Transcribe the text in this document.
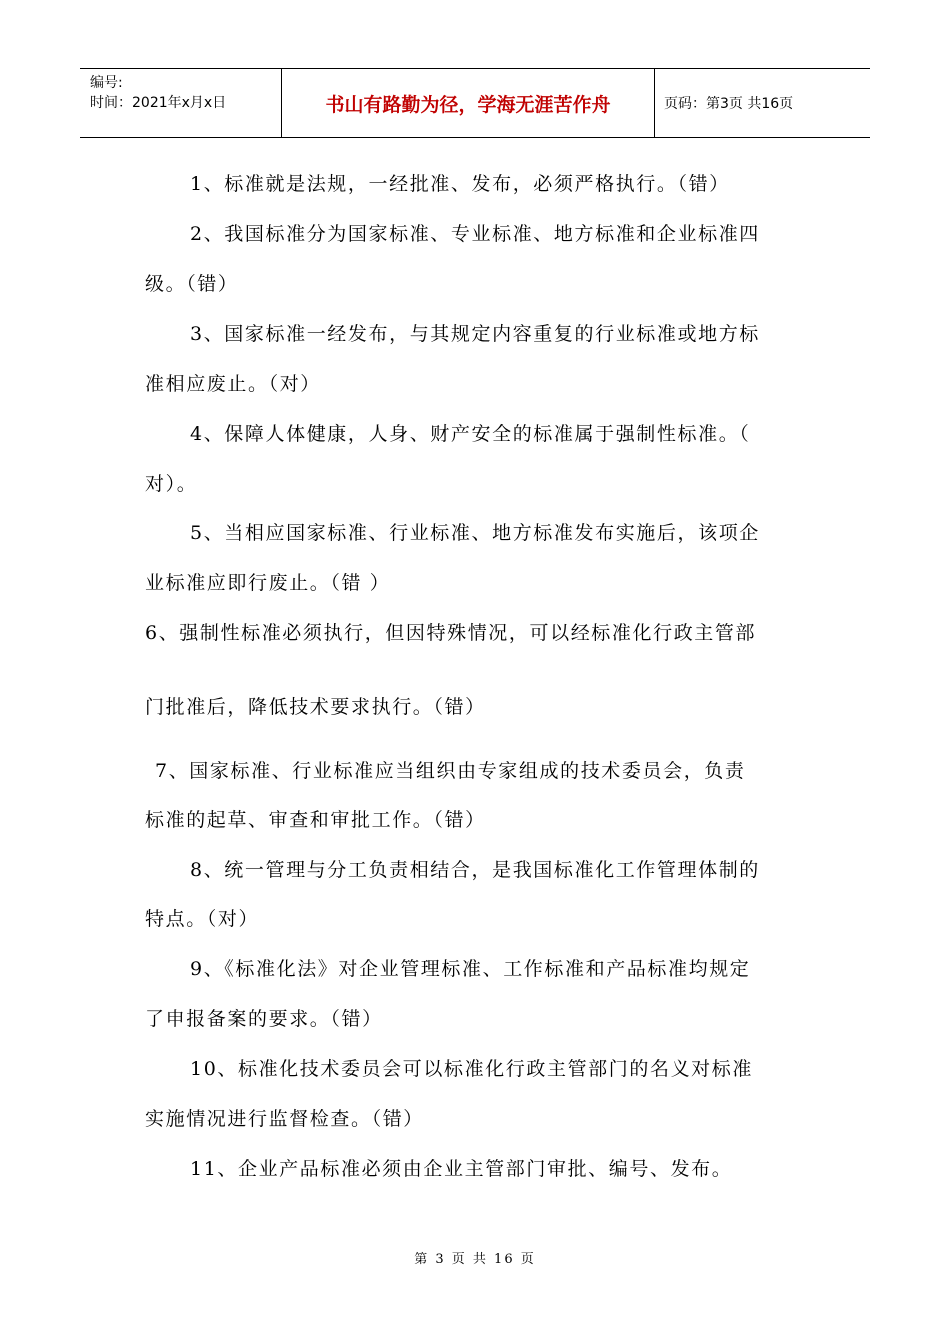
编号:
时间：2021年x月x日	书山有路勤为径，学海无涯苦作舟	页码：第3页 共16页
1、标准就是法规，一经批准、发布，必须严格执行。（错）
2、我国标准分为国家标准、专业标准、地方标准和企业标准四
级。（错）
3、国家标准一经发布，与其规定内容重复的行业标准或地方标
准相应废止。（对）
4、保障人体健康，人身、财产安全的标准属于强制性标准。（
对）。
5、当相应国家标准、行业标准、地方标准发布实施后，该项企
业标准应即行废止。（错 ）
6、强制性标准必须执行，但因特殊情况，可以经标准化行政主管部
门批准后，降低技术要求执行。（错）
7、国家标准、行业标准应当组织由专家组成的技术委员会，负责
标准的起草、审查和审批工作。（错）
8、统一管理与分工负责相结合，是我国标准化工作管理体制的
特点。（对）
9、《标准化法》对企业管理标准、工作标准和产品标准均规定
了申报备案的要求。（错）
10、标准化技术委员会可以标准化行政主管部门的名义对标准
实施情况进行监督检查。（错）
11、企业产品标准必须由企业主管部门审批、编号、发布。
第 3 页 共 16 页
